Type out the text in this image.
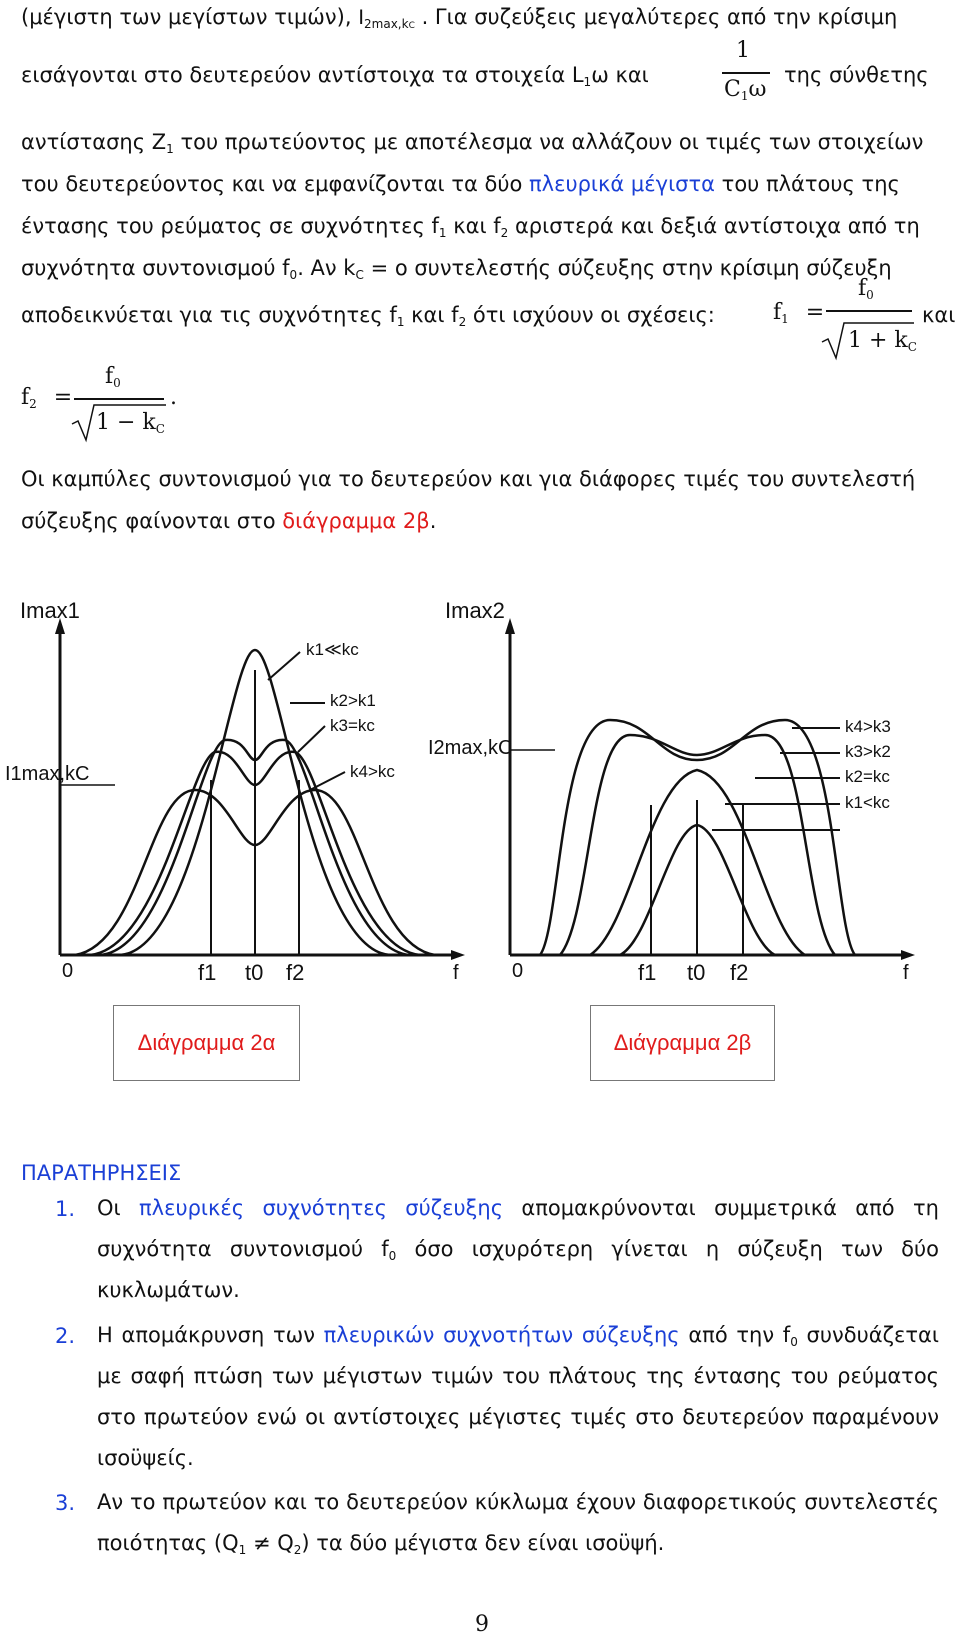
(μέγιστη των μεγίστων τιμών), $I_{2max,kC}$ . Για συζεύξεις μεγαλύτερες από την κρίσιμη
εισάγονται στο δευτερεύον αντίστοιχα τα στοιχεία $L_1\omega$ και
1
$C_1\omega$
της σύνθετης
αντίστασης $Z_1$ του πρωτεύοντος με αποτέλεσμα να αλλάζουν οι τιμές των στοιχείων
του δευτερεύοντος και να εμφανίζονται τα δύο πλευρικά μέγιστα του πλάτους της
έντασης του ρεύματος σε συχνότητες $f_1$ και $f_2$ αριστερά και δεξιά αντίστοιχα από τη
συχνότητα συντονισμού $f_0$. Αν $k_C = o$ συντελεστής σύζευξης στην κρίσιμη σύζευξη
αποδεικνύεται για τις συχνότητες $f_1$ και $f_2$ ότι ισχύουν οι σχέσεις:	$f_1$ =
$f_0$
$1 + k_C$
και
$f_2$ =
$f_0$
$1 - k_C$
.
Οι καμπύλες συντονισμού για το δευτερεύον και για διάφορες τιμές του συντελεστή
σύζευξης φαίνονται στο διάγραμμα 2β.
Imax1
I1max,kC
0	f1 t0 f2	f
k1≪kc
k2>k1
k3=kc
k4>kc
Imax2
I2max,kC
0	f1 t0 f2	f
k4>k3
k3>k2
k2=kc
k1<kc
Διάγραμμα 2α	Διάγραμμα 2β
ΠΑΡΑΤΗΡΗΣΕΙΣ
1. Οι πλευρικές συχνότητες σύζευξης απομακρύνονται συμμετρικά από τη συχνότητα συντονισμού $f_0$ όσο ισχυρότερη γίνεται η σύζευξη των δύο κυκλωμάτων.
2. Η απομάκρυνση των πλευρικών συχνοτήτων σύζευξης από την $f_0$ συνδυάζεται με σαφή πτώση των μέγιστων τιμών του πλάτους της έντασης του ρεύματος στο πρωτεύον ενώ οι αντίστοιχες μέγιστες τιμές στο δευτερεύον παραμένουν ισοϋψείς.
3. Αν το πρωτεύον και το δευτερεύον κύκλωμα έχουν διαφορετικούς συντελεστές ποιότητας $(Q_1 \ne Q_2)$ τα δύο μέγιστα δεν είναι ισοϋψή.
9
